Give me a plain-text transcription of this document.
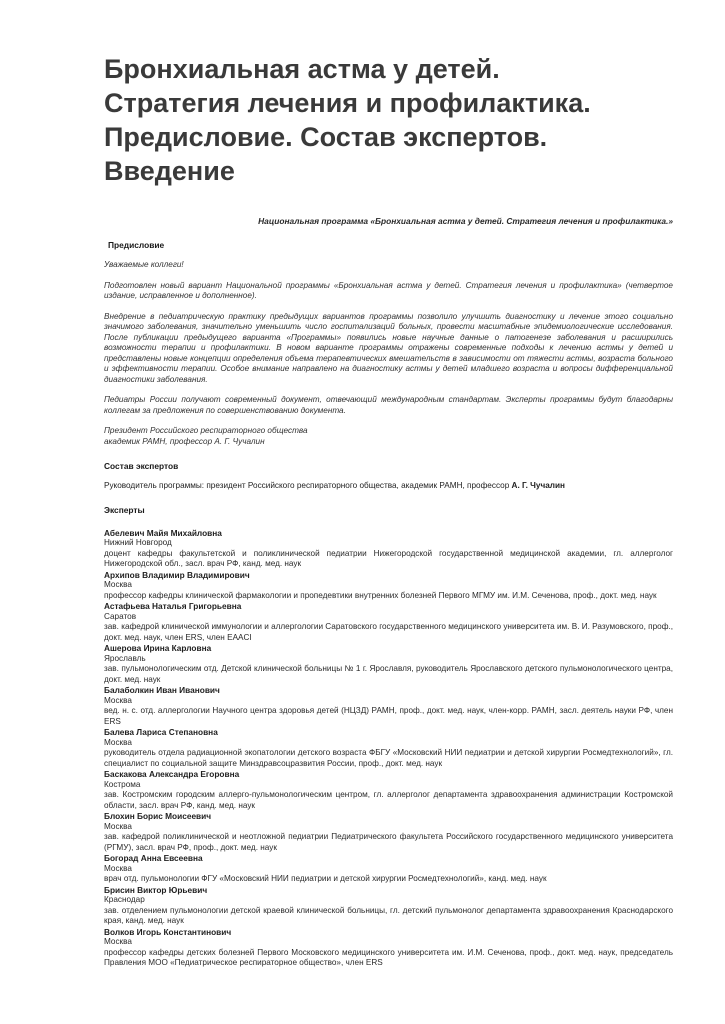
Бронхиальная астма у детей.
Стратегия лечения и профилактика.
Предисловие. Состав экспертов.
Введение
Национальная программа «Бронхиальная астма у детей. Стратегия лечения и профилактика.»
Предисловие

Уважаемые коллеги!

Подготовлен новый вариант Национальной программы «Бронхиальная астма у детей. Стратегия лечения и профилактика» (четвертое издание, исправленное и дополненное).

Внедрение в педиатрическую практику предыдущих вариантов программы позволило улучшить диагностику и лечение этого социально значимого заболевания, значительно уменьшить число госпитализаций больных, провести масштабные эпидемиологические исследования. После публикации предыдущего варианта «Программы» появились новые научные данные о патогенезе заболевания и расширились возможности терапии и профилактики. В новом варианте программы отражены современные подходы к лечению астмы у детей и представлены новые концепции определения объема терапевтических вмешательств в зависимости от тяжести астмы, возраста больного и эффективности терапии. Особое внимание направлено на диагностику астмы у детей младшего возраста и вопросы дифференциальной диагностики заболевания.

Педиатры России получают современный документ, отвечающий международным стандартам. Эксперты программы будут благодарны коллегам за предложения по совершенствованию документа.

Президент Российского респираторного общества

академик РАМН, профессор А. Г. Чучалин

Состав экспертов

Руководитель программы: президент Российского респираторного общества, академик РАМН, профессор А. Г. Чучалин

Эксперты
Абелевич Майя Михайловна
Нижний Новгород
доцент кафедры факультетской и поликлинической педиатрии Нижегородской государственной медицинской академии, гл. аллерголог Нижегородской обл., засл. врач РФ, канд. мед. наук
Архипов Владимир Владимирович
Москва
профессор кафедры клинической фармакологии и пропедевтики внутренних болезней Первого МГМУ им. И.М. Сеченова, проф., докт. мед. наук
Астафьева Наталья Григорьевна
Саратов
зав. кафедрой клинической иммунологии и аллергологии Саратовского государственного медицинского университета им. В. И. Разумовского, проф., докт. мед. наук, член ERS, член EAACI
Ашерова Ирина Карловна
Ярославль
зав. пульмонологическим отд. Детской клинической больницы № 1 г. Ярославля, руководитель Ярославского детского пульмонологического центра, докт. мед. наук
Балаболкин Иван Иванович
Москва
вед. н. с. отд. аллергологии Научного центра здоровья детей (НЦЗД) РАМН, проф., докт. мед. наук, член-корр. РАМН, засл. деятель науки РФ, член ERS
Балева Лариса Степановна
Москва
руководитель отдела радиационной экопатологии детского возраста ФБГУ «Московский НИИ педиатрии и детской хирургии Росмедтехнологий», гл. специалист по социальной защите Минздравсоцразвития России, проф., докт. мед. наук
Баскакова Александра Егоровна
Кострома
зав. Костромским городским аллерго-пульмонологическим центром, гл. аллерголог департамента здравоохранения администрации Костромской области, засл. врач РФ, канд. мед. наук
Блохин Борис Моисеевич
Москва
зав. кафедрой поликлинической и неотложной педиатрии Педиатрического факультета Российского государственного медицинского университета (РГМУ), засл. врач РФ, проф., докт. мед. наук
Богорад Анна Евсеевна
Москва
врач отд. пульмонологии ФГУ «Московский НИИ педиатрии и детской хирургии Росмедтехнологий», канд. мед. наук
Брисин Виктор Юрьевич
Краснодар
зав. отделением пульмонологии детской краевой клинической больницы, гл. детский пульмонолог департамента здравоохранения Краснодарского края, канд. мед. наук
Волков Игорь Константинович
Москва
профессор кафедры детских болезней Первого Московского медицинского университета им. И.М. Сеченова, проф., докт. мед. наук, председатель Правления МОО «Педиатрическое респираторное общество», член ERS
